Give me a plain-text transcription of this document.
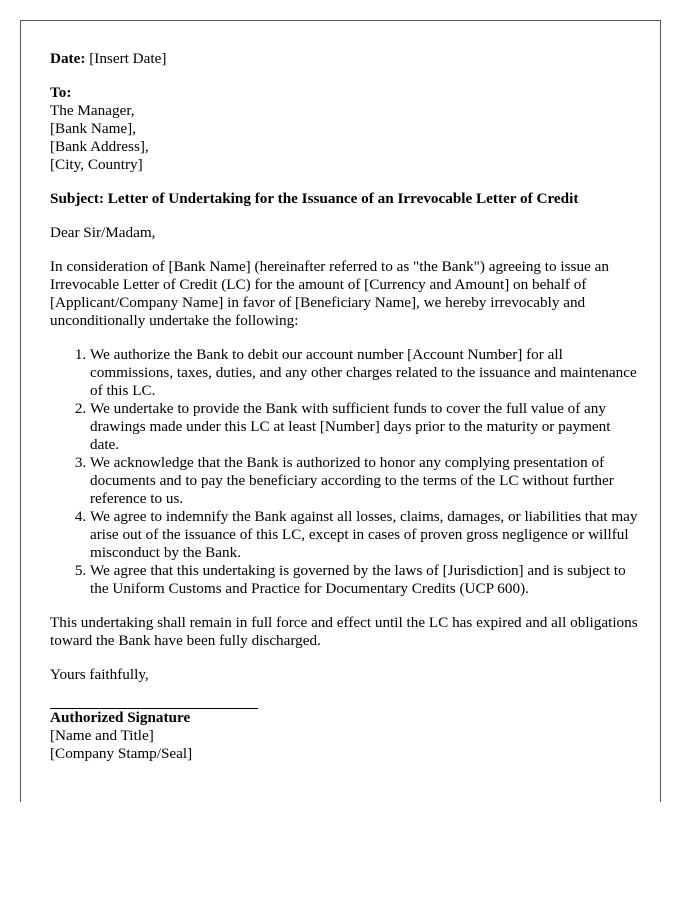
Date: [Insert Date]

To:
The Manager,
[Bank Name],
[Bank Address],
[City, Country]

Subject: Letter of Undertaking for the Issuance of an Irrevocable Letter of Credit

Dear Sir/Madam,

In consideration of [Bank Name] (hereinafter referred to as "the Bank") agreeing to issue an Irrevocable Letter of Credit (LC) for the amount of [Currency and Amount] on behalf of [Applicant/Company Name] in favor of [Beneficiary Name], we hereby irrevocably and unconditionally undertake the following:

1. We authorize the Bank to debit our account number [Account Number] for all commissions, taxes, duties, and any other charges related to the issuance and maintenance of this LC.
2. We undertake to provide the Bank with sufficient funds to cover the full value of any drawings made under this LC at least [Number] days prior to the maturity or payment date.
3. We acknowledge that the Bank is authorized to honor any complying presentation of documents and to pay the beneficiary according to the terms of the LC without further reference to us.
4. We agree to indemnify the Bank against all losses, claims, damages, or liabilities that may arise out of the issuance of this LC, except in cases of proven gross negligence or willful misconduct by the Bank.
5. We agree that this undertaking is governed by the laws of [Jurisdiction] and is subject to the Uniform Customs and Practice for Documentary Credits (UCP 600).

This undertaking shall remain in full force and effect until the LC has expired and all obligations toward the Bank have been fully discharged.

Yours faithfully,

Authorized Signature
[Name and Title]
[Company Stamp/Seal]
